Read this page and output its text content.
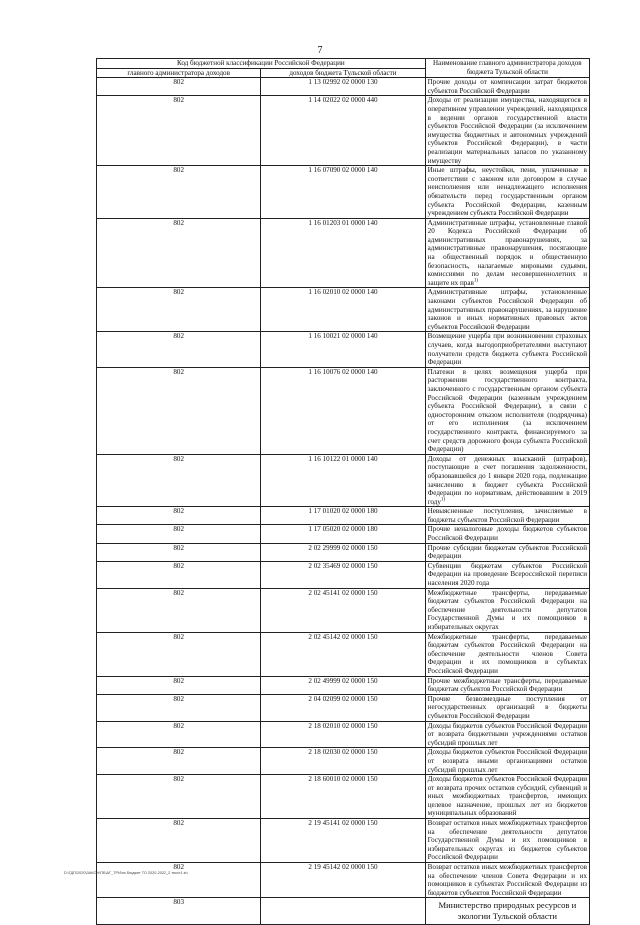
7
Код бюджетной классификации Российской Федерации		Наименование главного администратора доходов бюджета Тульской области
главного администратора доходов	доходов бюджета Тульской области	
802	1 13 02992 02 0000 130	Прочие доходы от компенсации затрат бюджетов субъектов Российской Федерации
802	1 14 02022 02 0000 440	Доходы от реализации имущества, находящегося в оперативном управлении учреждений, находящихся в ведении органов государственной власти субъектов Российской Федерации (за исключением имущества бюджетных и автономных учреждений субъектов Российской Федерации), в части реализации материальных запасов по указанному имуществу
802	1 16 07090 02 0000 140	Иные штрафы, неустойки, пени, уплаченные в соответствии с законом или договором в случае неисполнения или ненадлежащего исполнения обязательств перед государственным органом субъекта Российской Федерации, казенным учреждением субъекта Российской Федерации
802	1 16 01203 01 0000 140	Административные штрафы, установленные главой 20 Кодекса Российской Федерации об административных правонарушениях, за административные правонарушения, посягающие на общественный порядок и общественную безопасность, налагаемые мировыми судьями, комиссиями по делам несовершеннолетних и защите их прав$^{1)}$
802	1 16 02010 02 0000 140	Административные штрафы, установленные законами субъектов Российской Федерации об административных правонарушениях, за нарушение законов и иных нормативных правовых актов субъектов Российской Федерации
802	1 16 10021 02 0000 140	Возмещение ущерба при возникновении страховых случаев, когда выгодоприобретателями выступают получатели средств бюджета субъекта Российской Федерации
802	1 16 10076 02 0000 140	Платежи в целях возмещения ущерба при расторжении государственного контракта, заключенного с государственным органом субъекта Российской Федерации (казенным учреждением субъекта Российской Федерации), в связи с односторонним отказом исполнителя (подрядчика) от его исполнения (за исключением государственного контракта, финансируемого за счет средств дорожного фонда субъекта Российской Федерации)
802	1 16 10122 01 0000 140	Доходы от денежных взысканий (штрафов), поступающие в счет погашения задолженности, образовавшейся до 1 января 2020 года, подлежащие зачислению в бюджет субъекта Российской Федерации по нормативам, действовавшим в 2019 году$^{1)}$
802	1 17 01020 02 0000 180	Невыясненные поступления, зачисляемые в бюджеты субъектов Российской Федерации
802	1 17 05020 02 0000 180	Прочие неналоговые доходы бюджетов субъектов Российской Федерации
802	2 02 29999 02 0000 150	Прочие субсидии бюджетам субъектов Российской Федерации
802	2 02 35469 02 0000 150	Субвенции бюджетам субъектов Российской Федерации на проведение Всероссийской переписи населения 2020 года
802	2 02 45141 02 0000 150	Межбюджетные трансферты, передаваемые бюджетам субъектов Российской Федерации на обеспечение деятельности депутатов Государственной Думы и их помощников в избирательных округах
802	2 02 45142 02 0000 150	Межбюджетные трансферты, передаваемые бюджетам субъектов Российской Федерации на обеспечение деятельности членов Совета Федерации и их помощников в субъектах Российской Федерации
802	2 02 49999 02 0000 150	Прочие межбюджетные трансферты, передаваемые бюджетам субъектов Российской Федерации
802	2 04 02099 02 0000 150	Прочие безвозмездные поступления от негосударственных организаций в бюджеты субъектов Российской Федерации
802	2 18 02010 02 0000 150	Доходы бюджетов субъектов Российской Федерации от возврата бюджетными учреждениями остатков субсидий прошлых лет
802	2 18 02030 02 0000 150	Доходы бюджетов субъектов Российской Федерации от возврата иными организациями остатков субсидий прошлых лет
802	2 18 60010 02 0000 150	Доходы бюджетов субъектов Российской Федерации от возврата прочих остатков субсидий, субвенций и иных межбюджетных трансфертов, имеющих целевое назначение, прошлых лет из бюджетов муниципальных образований
802	2 19 45141 02 0000 150	Возврат остатков иных межбюджетных трансфертов на обеспечение деятельности депутатов Государственной Думы и их помощников в избирательных округах из бюджетов субъектов Российской Федерации
802	2 19 45142 02 0000 150	Возврат остатков иных межбюджетных трансфертов на обеспечение членов Совета Федерации и их помощников в субъектах Российской Федерации из бюджетов субъектов Российской Федерации
803		Министерство природных ресурсов и экологии Тульской области
D:\ГДП\2020\ЗАКОН\ПБ\АГ_ТРИ\ns Бюджет ТО 2020-2022_2 текст1.sh
